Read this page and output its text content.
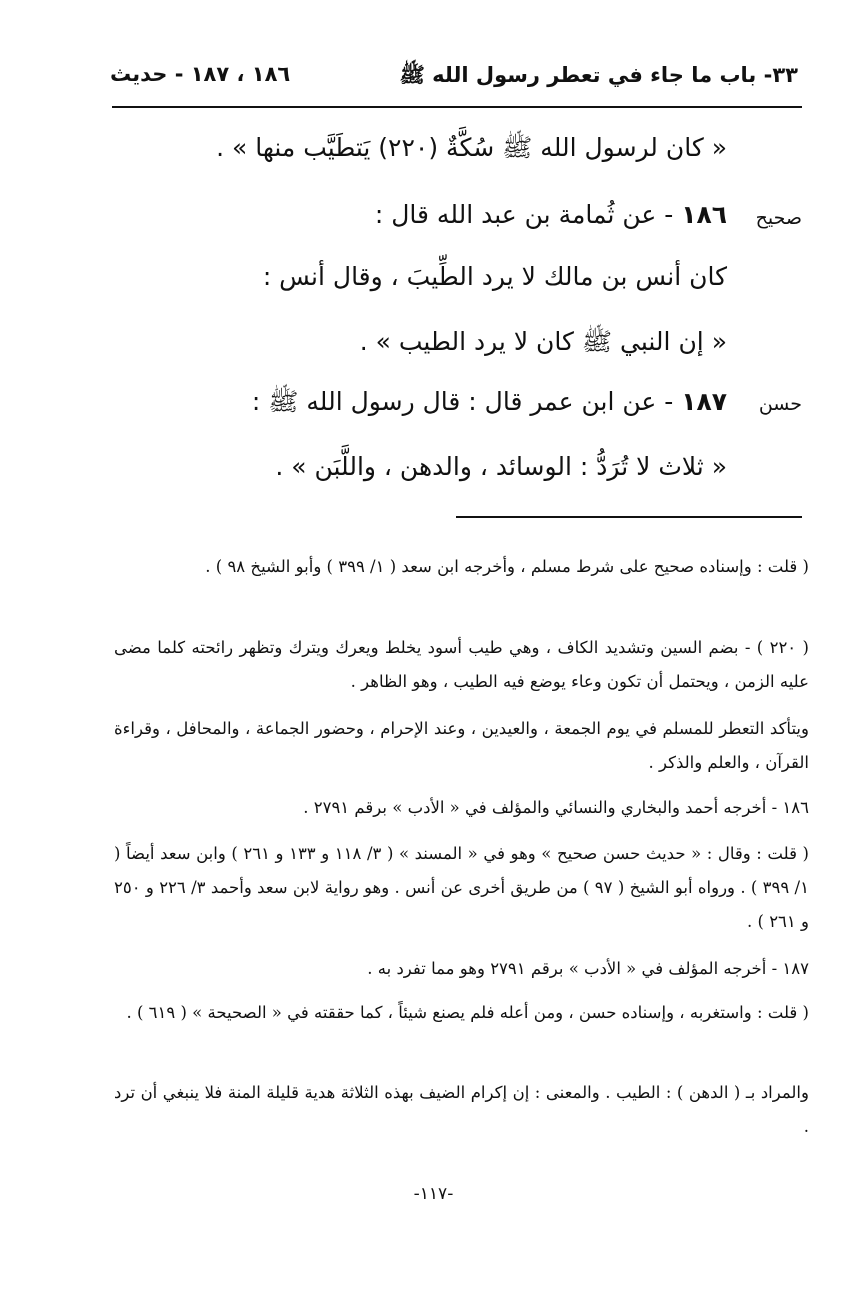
٣٣- باب ما جاء في تعطر رسول الله ﷺ
١٨٦ ، ١٨٧ - حديث
« كان لرسول الله ﷺ سُكَّةٌ (٢٢٠) يَتطَيَّب منها » .
صحيح
١٨٦ - عن ثُمامة بن عبد الله قال :
كان أنس بن مالك لا يرد الطِّيبَ ، وقال أنس :
« إن النبي ﷺ كان لا يرد الطيب » .
حسن
١٨٧ - عن ابن عمر قال : قال رسول الله ﷺ :
« ثلاث لا تُرَدُّ : الوسائد ، والدهن ، واللَّبَن » .
( قلت : وإسناده صحيح على شرط مسلم ، وأخرجه ابن سعد ( ١/ ٣٩٩ ) وأبو الشيخ ٩٨ ) .
( ٢٢٠ ) - بضم السين وتشديد الكاف ، وهي طيب أسود يخلط ويعرك ويترك وتظهر رائحته كلما مضى عليه الزمن ، ويحتمل أن تكون وعاء يوضع فيه الطيب ، وهو الظاهر .
ويتأكد التعطر للمسلم في يوم الجمعة ، والعيدين ، وعند الإحرام ، وحضور الجماعة ، والمحافل ، وقراءة القرآن ، والعلم والذكر .
١٨٦ - أخرجه أحمد والبخاري والنسائي والمؤلف في « الأدب » برقم ٢٧٩١ .
( قلت : وقال : « حديث حسن صحيح » وهو في « المسند » ( ٣/ ١١٨ و ١٣٣ و ٢٦١ ) وابن سعد أيضاً ( ١/ ٣٩٩ ) . ورواه أبو الشيخ ( ٩٧ ) من طريق أخرى عن أنس . وهو رواية لابن سعد وأحمد ٣/ ٢٢٦ و ٢٥٠ و ٢٦١ ) .
١٨٧ - أخرجه المؤلف في « الأدب » برقم ٢٧٩١ وهو مما تفرد به .
( قلت : واستغربه ، وإسناده حسن ، ومن أعله فلم يصنع شيئاً ، كما حققته في « الصحيحة » ( ٦١٩ ) .
والمراد بـ ( الدهن ) : الطيب . والمعنى : إن إكرام الضيف بهذه الثلاثة هدية قليلة المنة فلا ينبغي أن ترد .
-١١٧-
